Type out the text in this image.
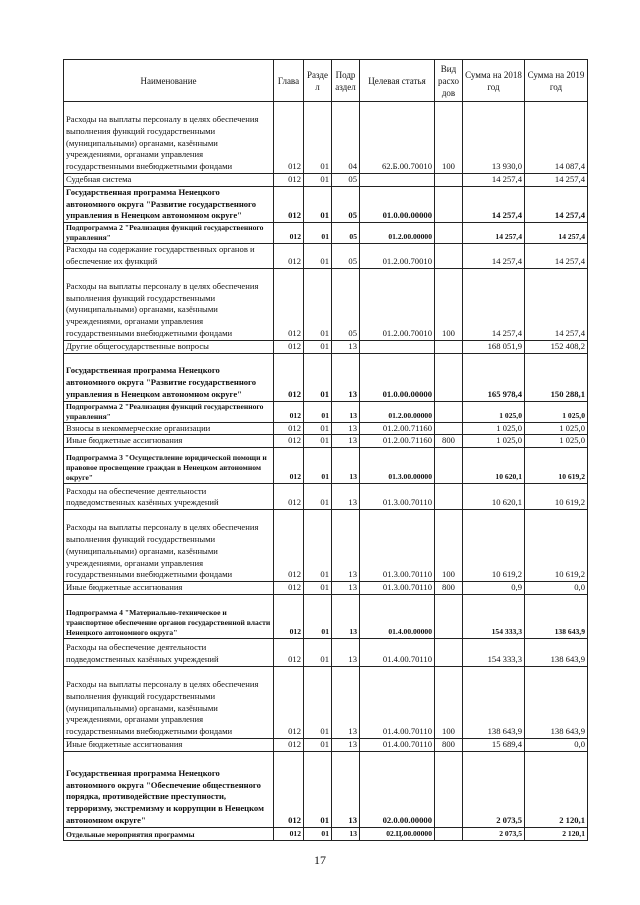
Наименование	Глава	Разде л	Подр аздел	Целевая статья	Вид расхо дов	Сумма на 2018 год	Сумма на 2019 год
Расходы на выплаты персоналу в целях обеспечения выполнения функций государственными (муниципальными) органами, казёнными учреждениями, органами управления государственными внебюджетными фондами	012	01	04	62.Б.00.70010	100	13 930,0	14 087,4
Судебная система	012	01	05			14 257,4	14 257,4
Государственная программа Ненецкого автономного округа "Развитие государственного управления в Ненецком автономном округе"	012	01	05	01.0.00.00000		14 257,4	14 257,4
Подпрограмма 2 "Реализация функций государственного управления"	012	01	05	01.2.00.00000		14 257,4	14 257,4
Расходы на содержание государственных органов и обеспечение их функций	012	01	05	01.2.00.70010		14 257,4	14 257,4
Расходы на выплаты персоналу в целях обеспечения выполнения функций государственными (муниципальными) органами, казёнными учреждениями, органами управления государственными внебюджетными фондами	012	01	05	01.2.00.70010	100	14 257,4	14 257,4
Другие общегосударственные вопросы	012	01	13			168 051,9	152 408,2
Государственная программа Ненецкого автономного округа "Развитие государственного управления в Ненецком автономном округе"	012	01	13	01.0.00.00000		165 978,4	150 288,1
Подпрограмма 2 "Реализация функций государственного управления"	012	01	13	01.2.00.00000		1 025,0	1 025,0
Взносы в некоммерческие организации	012	01	13	01.2.00.71160		1 025,0	1 025,0
Иные бюджетные ассигнования	012	01	13	01.2.00.71160	800	1 025,0	1 025,0
Подпрограмма 3 "Осуществление юридической помощи и правовое просвещение граждан в Ненецком автономном округе"	012	01	13	01.3.00.00000		10 620,1	10 619,2
Расходы на обеспечение деятельности подведомственных казённых учреждений	012	01	13	01.3.00.70110		10 620,1	10 619,2
Расходы на выплаты персоналу в целях обеспечения выполнения функций государственными (муниципальными) органами, казёнными учреждениями, органами управления государственными внебюджетными фондами	012	01	13	01.3.00.70110	100	10 619,2	10 619,2
Иные бюджетные ассигнования	012	01	13	01.3.00.70110	800	0,9	0,0
Подпрограмма 4 "Материально-техническое и транспортное обеспечение органов государственной власти Ненецкого автономного округа"	012	01	13	01.4.00.00000		154 333,3	138 643,9
Расходы на обеспечение деятельности подведомственных казённых учреждений	012	01	13	01.4.00.70110		154 333,3	138 643,9
Расходы на выплаты персоналу в целях обеспечения выполнения функций государственными (муниципальными) органами, казёнными учреждениями, органами управления государственными внебюджетными фондами	012	01	13	01.4.00.70110	100	138 643,9	138 643,9
Иные бюджетные ассигнования	012	01	13	01.4.00.70110	800	15 689,4	0,0
Государственная программа Ненецкого автономного округа "Обеспечение общественного порядка, противодействие преступности, терроризму, экстремизму и коррупции в Ненецком автономном округе"	012	01	13	02.0.00.00000		2 073,5	2 120,1
Отдельные мероприятия программы	012	01	13	02.Ц.00.00000		2 073,5	2 120,1
17
